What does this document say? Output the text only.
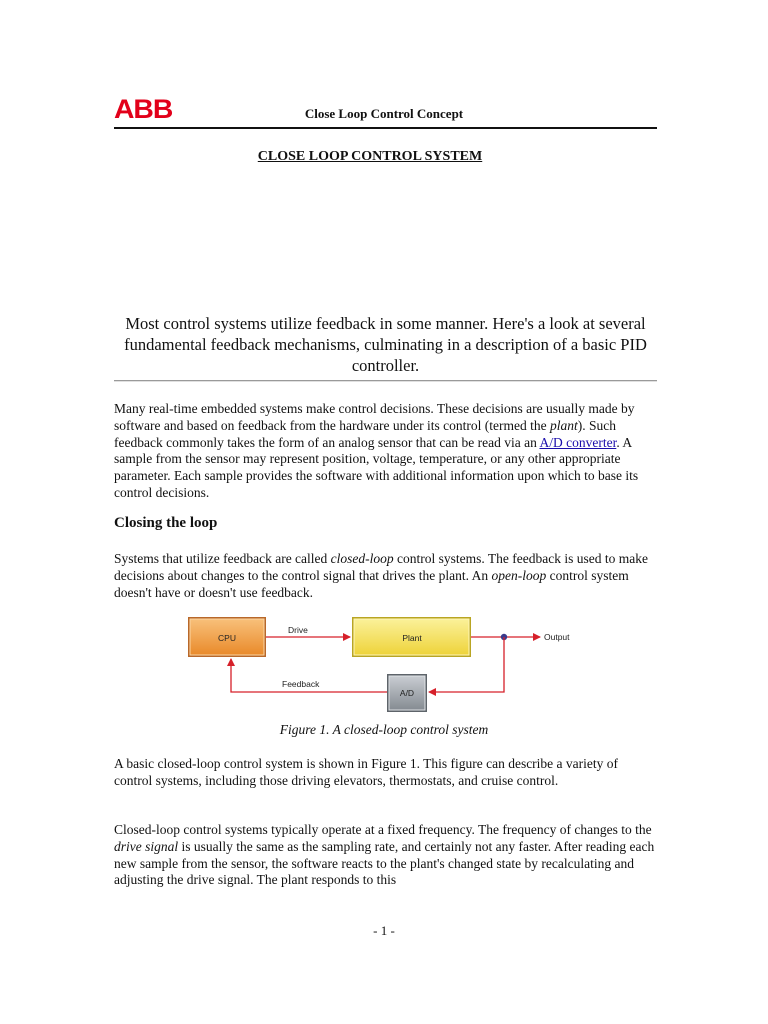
ABB	Close Loop Control Concept
CLOSE LOOP CONTROL SYSTEM
Most control systems utilize feedback in some manner. Here's a look at several fundamental feedback mechanisms, culminating in a description of a basic PID controller.
Many real-time embedded systems make control decisions. These decisions are usually made by software and based on feedback from the hardware under its control (termed the plant). Such feedback commonly takes the form of an analog sensor that can be read via an A/D converter. A sample from the sensor may represent position, voltage, temperature, or any other appropriate parameter. Each sample provides the software with additional information upon which to base its control decisions.
Closing the loop
Systems that utilize feedback are called closed-loop control systems. The feedback is used to make decisions about changes to the control signal that drives the plant. An open-loop control system doesn't have or doesn't use feedback.
CPU	Plant
A/D
Drive
Output
Feedback
Figure 1. A closed-loop control system
A basic closed-loop control system is shown in Figure 1. This figure can describe a variety of control systems, including those driving elevators, thermostats, and cruise control.
Closed-loop control systems typically operate at a fixed frequency. The frequency of changes to the drive signal is usually the same as the sampling rate, and certainly not any faster. After reading each new sample from the sensor, the software reacts to the plant's changed state by recalculating and adjusting the drive signal. The plant responds to this
- 1 -
